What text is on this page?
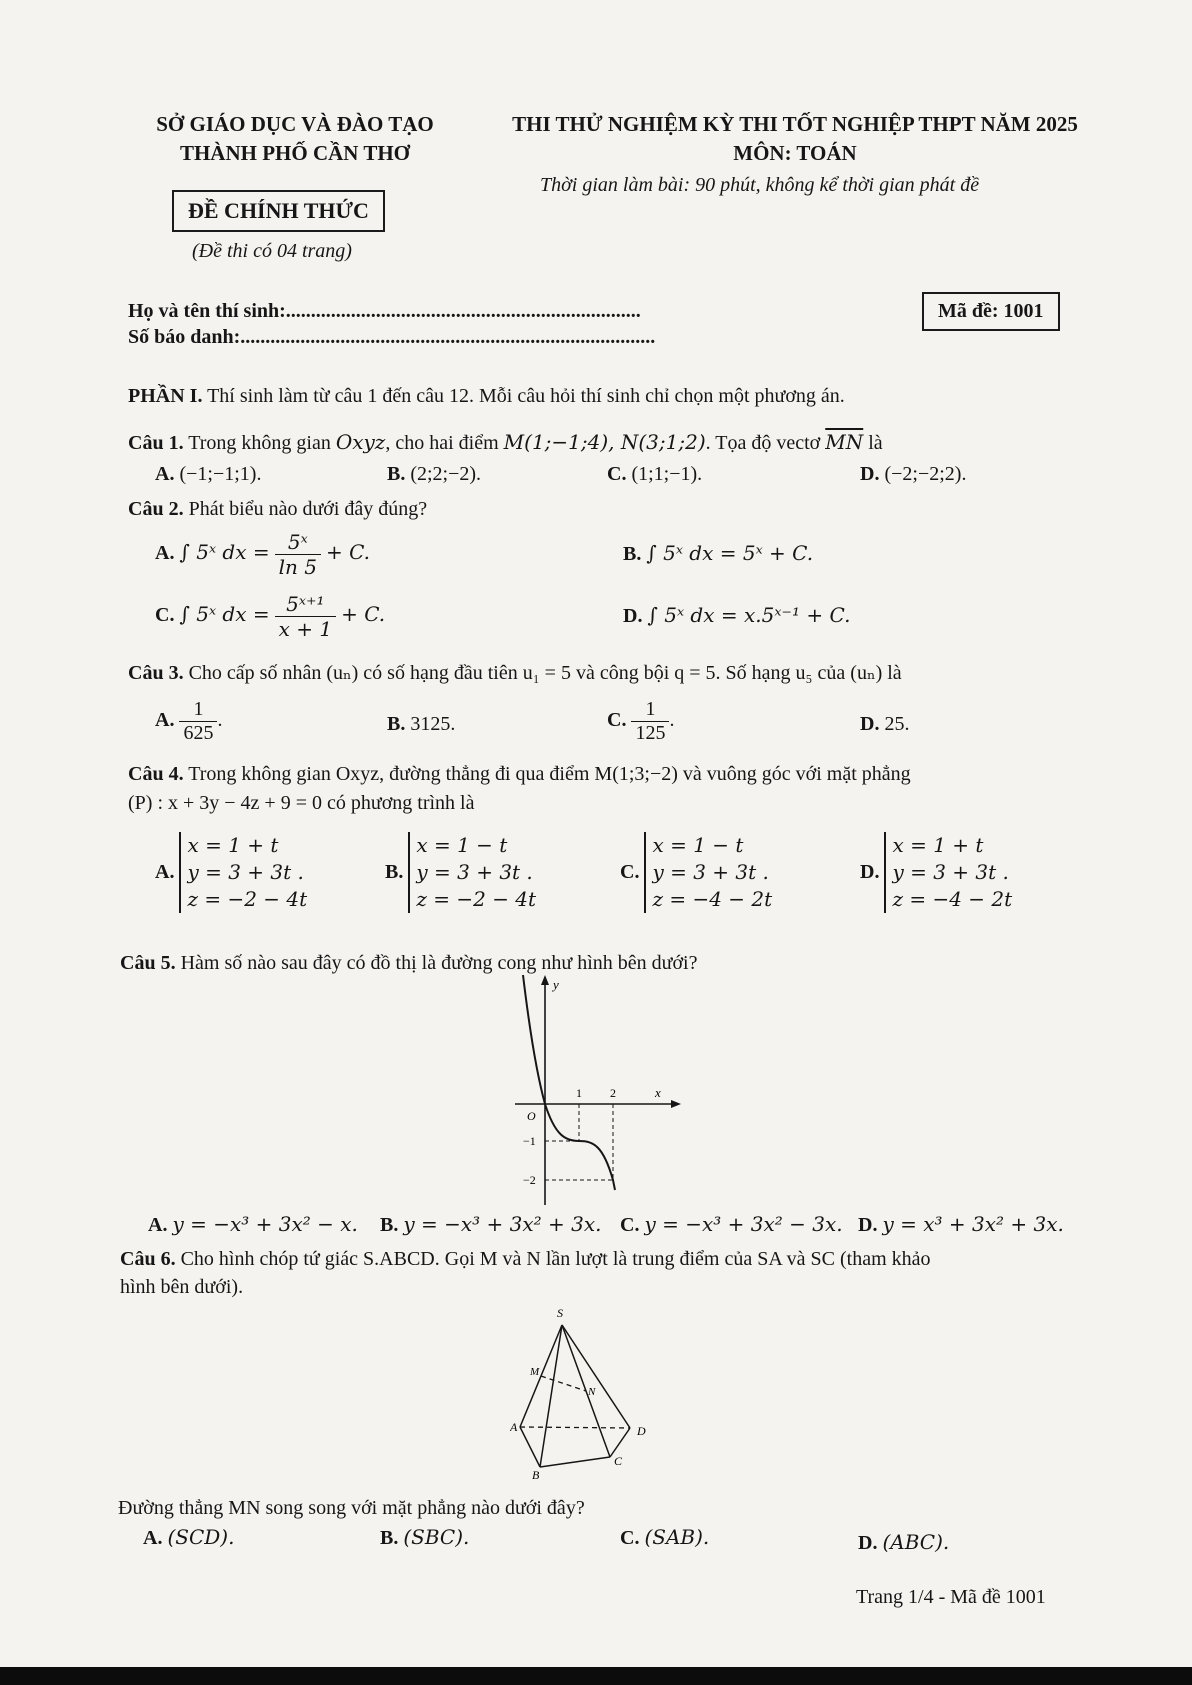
SỞ GIÁO DỤC VÀ ĐÀO TẠO
THÀNH PHỐ CẦN THƠ
ĐỀ CHÍNH THỨC
(Đề thi có 04 trang)
THI THỬ NGHIỆM KỲ THI TỐT NGHIỆP THPT NĂM 2025
MÔN: TOÁN
Thời gian làm bài: 90 phút, không kể thời gian phát đề
Họ và tên thí sinh:.......................................................................
Số báo danh:...................................................................................
Mã đề: 1001
PHẦN I. Thí sinh làm từ câu 1 đến câu 12. Mỗi câu hỏi thí sinh chỉ chọn một phương án.
Câu 1. Trong không gian Oxyz, cho hai điểm M(1;−1;4), N(3;1;2). Tọa độ vectơ $\overline{MN}$ là
A. (−1;−1;1).	B. (2;2;−2).	C. (1;1;−1).	D. (−2;−2;2).
Câu 2. Phát biểu nào dưới đây đúng?
A. ∫ 5ˣ dx = $\frac{\text{5ˣ}}{\ln 5} + C$.	B. ∫ 5ˣ dx = 5ˣ + C.
C. ∫ 5ˣ dx = $\frac{\text{5ˣ⁺¹}}{x + 1} + C$.	D. ∫ 5ˣ dx = x.5ˣ⁻¹ + C.
Câu 3. Cho cấp số nhân (uₙ) có số hạng đầu tiên u₁ = 5 và công bội q = 5. Số hạng u₅ của (uₙ) là
A. $\frac{1}{625}$ .	B. 3125.	C. $\frac{1}{125}$ .	D. 25.
Câu 4. Trong không gian Oxyz, đường thẳng đi qua điểm M(1;3;−2) và vuông góc với mặt phẳng
(P) : x + 3y − 4z + 9 = 0 có phương trình là
A. x = 1 + t
y = 3 + 3t .
z = −2 − 4t
B. x = 1 − t
y = 3 + 3t .
z = −2 − 4t
C. x = 1 − t
y = 3 + 3t .
z = −4 − 2t
D. x = 1 + t
y = 3 + 3t .
z = −4 − 2t
Câu 5. Hàm số nào sau đây có đồ thị là đường cong như hình bên dưới?
y
x
O
1 2
−1
−2
A. y = −x³ + 3x² − x. B. y = −x³ + 3x² + 3x. C. y = −x³ + 3x² − 3x. D. y = x³ + 3x² + 3x.
Câu 6. Cho hình chóp tứ giác S.ABCD. Gọi M và N lần lượt là trung điểm của SA và SC (tham khảo
hình bên dưới).
S
M
N
A	D
B
C
Đường thẳng MN song song với mặt phẳng nào dưới đây?
A. (SCD).	B. (SBC).	C. (SAB).	D. (ABC).
Trang 1/4 - Mã đề 1001
